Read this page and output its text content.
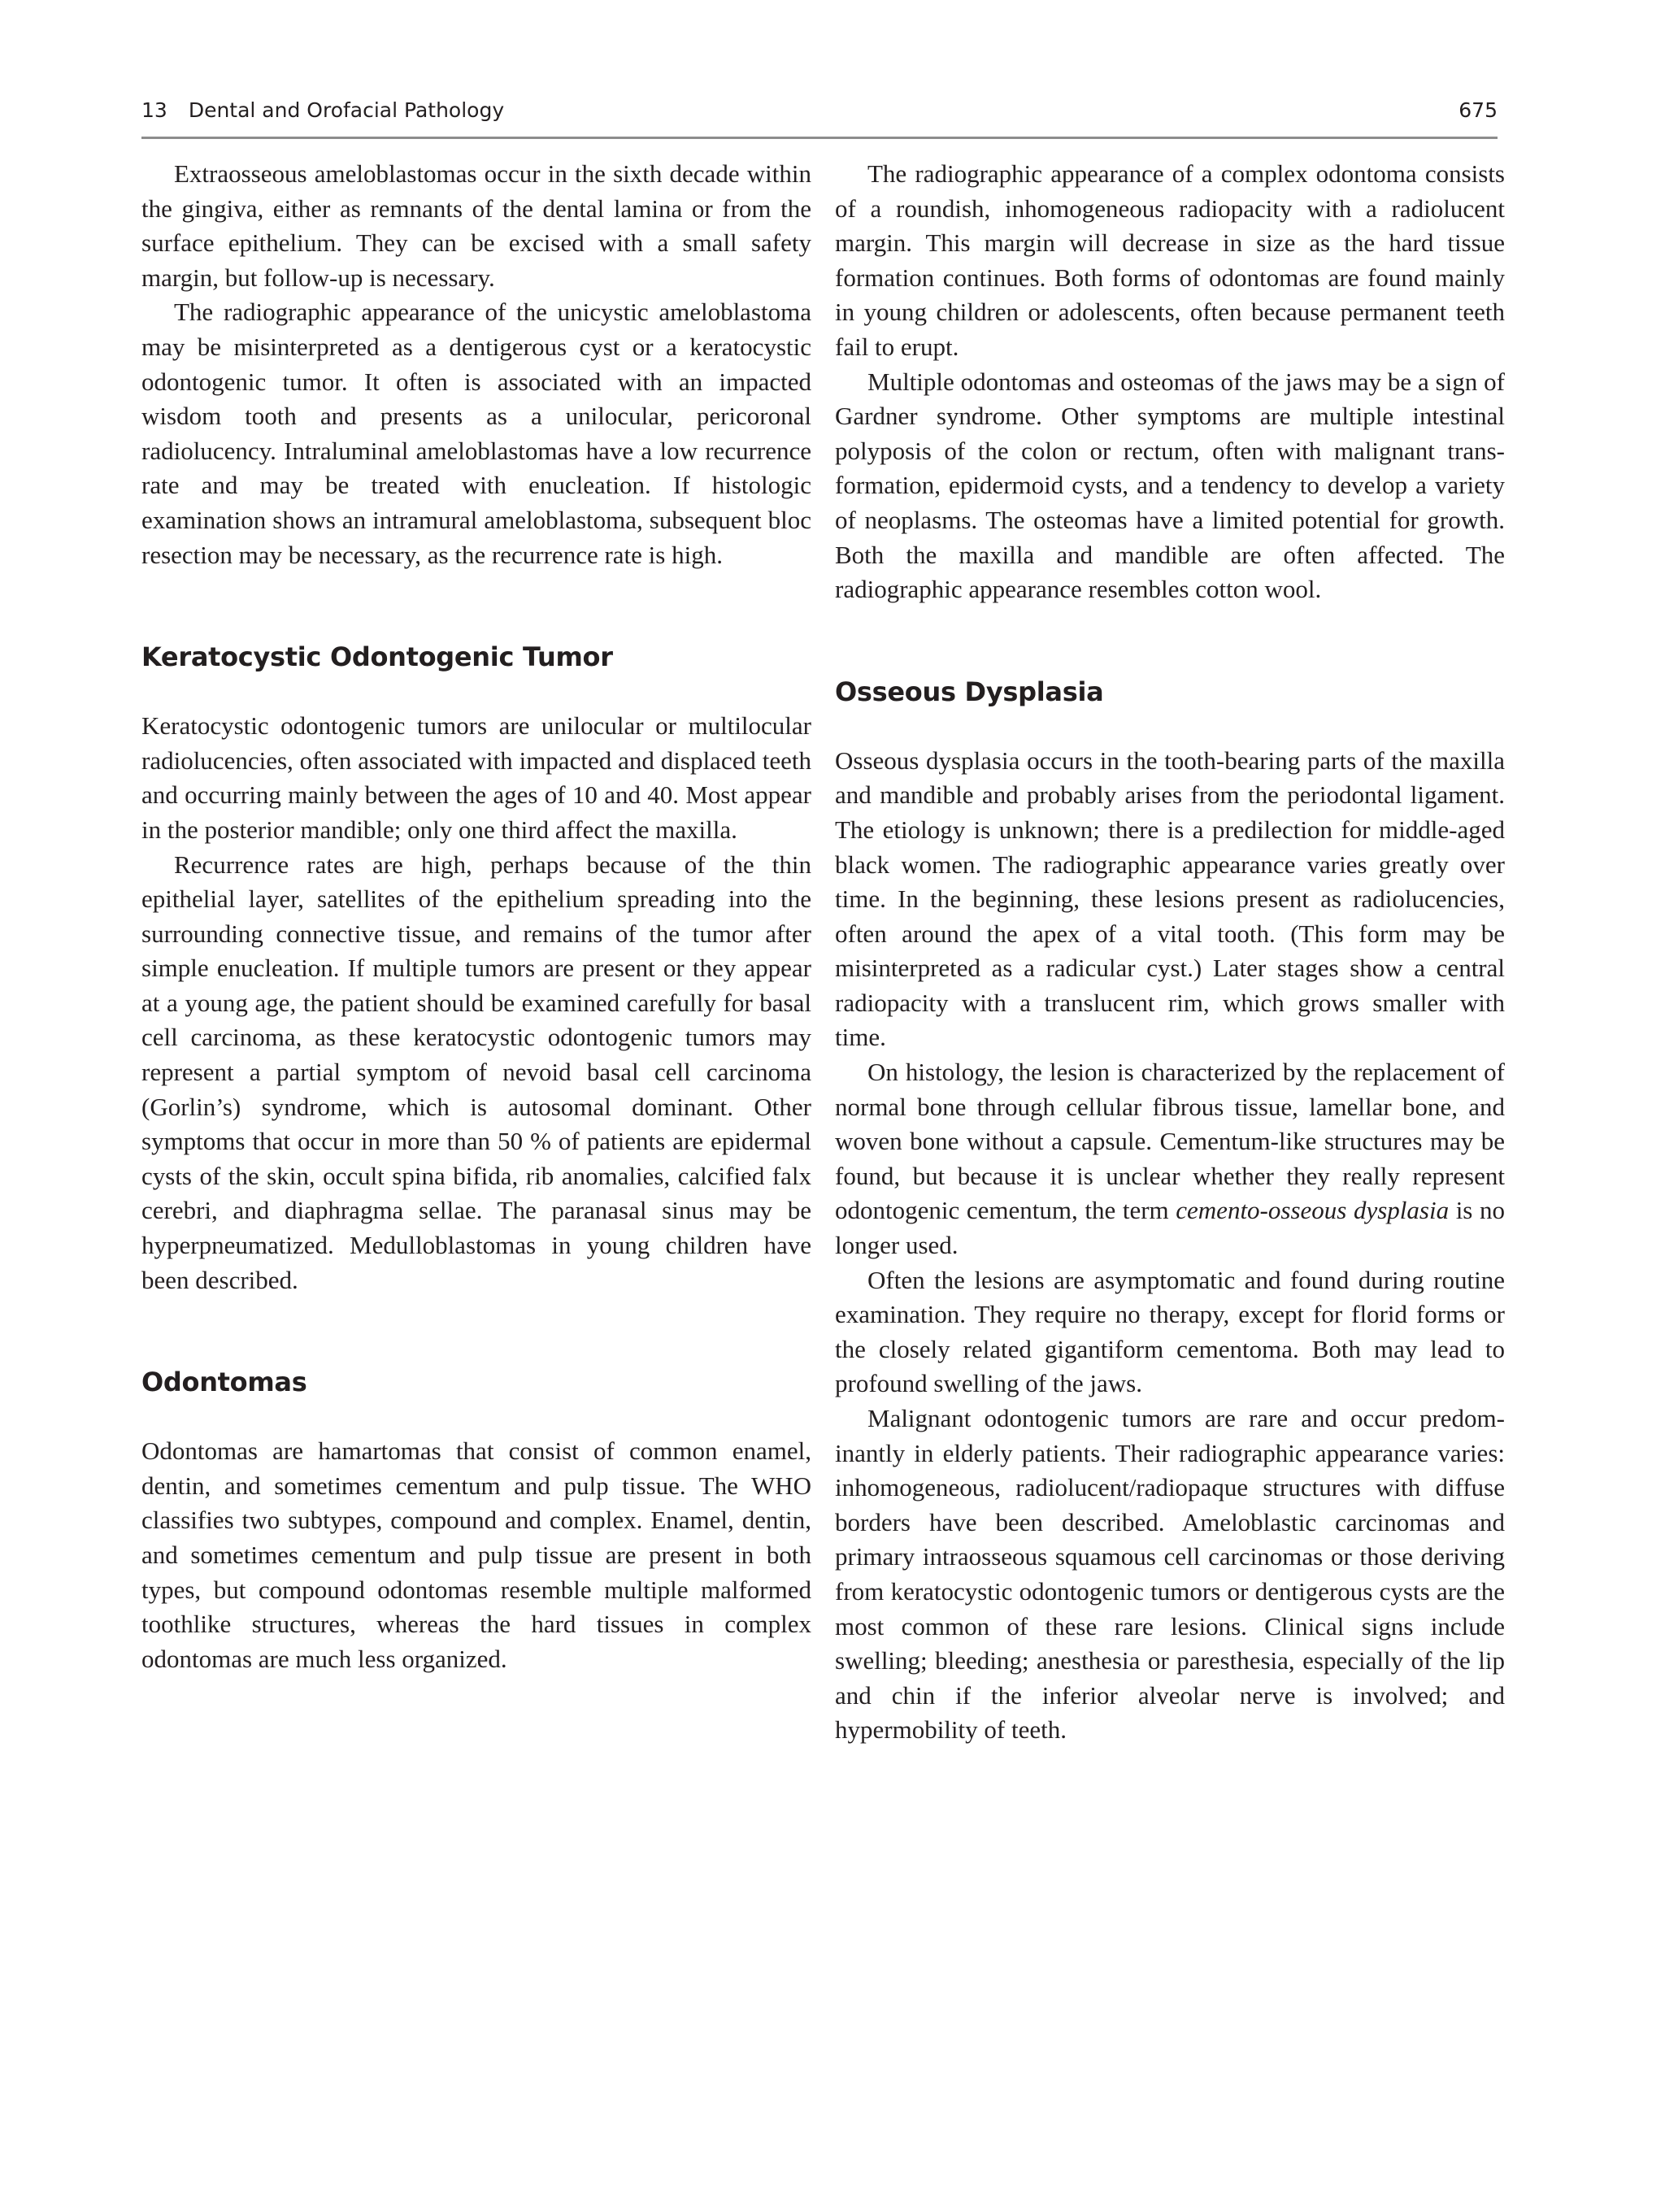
13 Dental and Orofacial Pathology	675

Extraosseous ameloblastomas occur in the sixth decade within the gingiva, either as remnants of the dental lamina or from the surface epithelium. They can be excised with a small safety margin, but follow-up is necessary.

The radiographic appearance of the unicystic ameloblastoma may be misinterpreted as a dentigerous cyst or a keratocystic odontogenic tumor. It often is associated with an impacted wisdom tooth and presents as a unilocular, pericoronal radiolucency. Intraluminal ameloblastomas have a low recurrence rate and may be treated with enucleation. If histologic examination shows an intramural ameloblastoma, subsequent bloc resection may be necessary, as the recurrence rate is high.

Keratocystic Odontogenic Tumor

Keratocystic odontogenic tumors are unilocular or multilocular radiolucencies, often associated with impacted and displaced teeth and occurring mainly between the ages of 10 and 40. Most appear in the posterior mandible; only one third affect the maxilla.

Recurrence rates are high, perhaps because of the thin epithelial layer, satellites of the epithelium spreading into the surrounding connective tissue, and remains of the tumor after simple enucleation. If multiple tumors are present or they appear at a young age, the patient should be examined carefully for basal cell carcinoma, as these keratocystic odontogenic tumors may represent a partial symptom of nevoid basal cell carcinoma (Gorlin’s) syndrome, which is autosomal dominant. Other symptoms that occur in more than 50 % of patients are epidermal cysts of the skin, occult spina bifida, rib anomalies, calcified falx cerebri, and diaphragma sellae. The paranasal sinus may be hyperpneumatized. Medulloblastomas in young children have been described.

Odontomas

Odontomas are hamartomas that consist of common enamel, dentin, and sometimes cementum and pulp tissue. The WHO classifies two subtypes, compound and complex. Enamel, dentin, and sometimes cementum and pulp tissue are present in both types, but compound odontomas resemble multiple malformed toothlike structures, whereas the hard tissues in complex odontomas are much less organized.

The radiographic appearance of a complex odontoma consists of a roundish, inhomogeneous radiopacity with a radiolucent margin. This margin will decrease in size as the hard tissue formation continues. Both forms of odontomas are found mainly in young children or adolescents, often because permanent teeth fail to erupt.

Multiple odontomas and osteomas of the jaws may be a sign of Gardner syndrome. Other symptoms are multiple intestinal polyposis of the colon or rectum, often with malignant transformation, epidermoid cysts, and a tendency to develop a variety of neoplasms. The osteomas have a limited potential for growth. Both the maxilla and mandible are often affected. The radiographic appearance resembles cotton wool.

Osseous Dysplasia

Osseous dysplasia occurs in the tooth-bearing parts of the maxilla and mandible and probably arises from the periodontal ligament. The etiology is unknown; there is a predilection for middle-aged black women. The radiographic appearance varies greatly over time. In the beginning, these lesions present as radiolucencies, often around the apex of a vital tooth. (This form may be misinterpreted as a radicular cyst.) Later stages show a central radiopacity with a translucent rim, which grows smaller with time.

On histology, the lesion is characterized by the replacement of normal bone through cellular fibrous tissue, lamellar bone, and woven bone without a capsule. Cementum-like structures may be found, but because it is unclear whether they really represent odontogenic cementum, the term cemento-osseous dysplasia is no longer used.

Often the lesions are asymptomatic and found during routine examination. They require no therapy, except for florid forms or the closely related gigantiform cementoma. Both may lead to profound swelling of the jaws.

Malignant odontogenic tumors are rare and occur predominantly in elderly patients. Their radiographic appearance varies: inhomogeneous, radiolucent/radiopaque structures with diffuse borders have been described. Ameloblastic carcinomas and primary intraosseous squamous cell carcinomas or those deriving from keratocystic odontogenic tumors or dentigerous cysts are the most common of these rare lesions. Clinical signs include swelling; bleeding; anesthesia or paresthesia, especially of the lip and chin if the inferior alveolar nerve is involved; and hypermobility of teeth.
